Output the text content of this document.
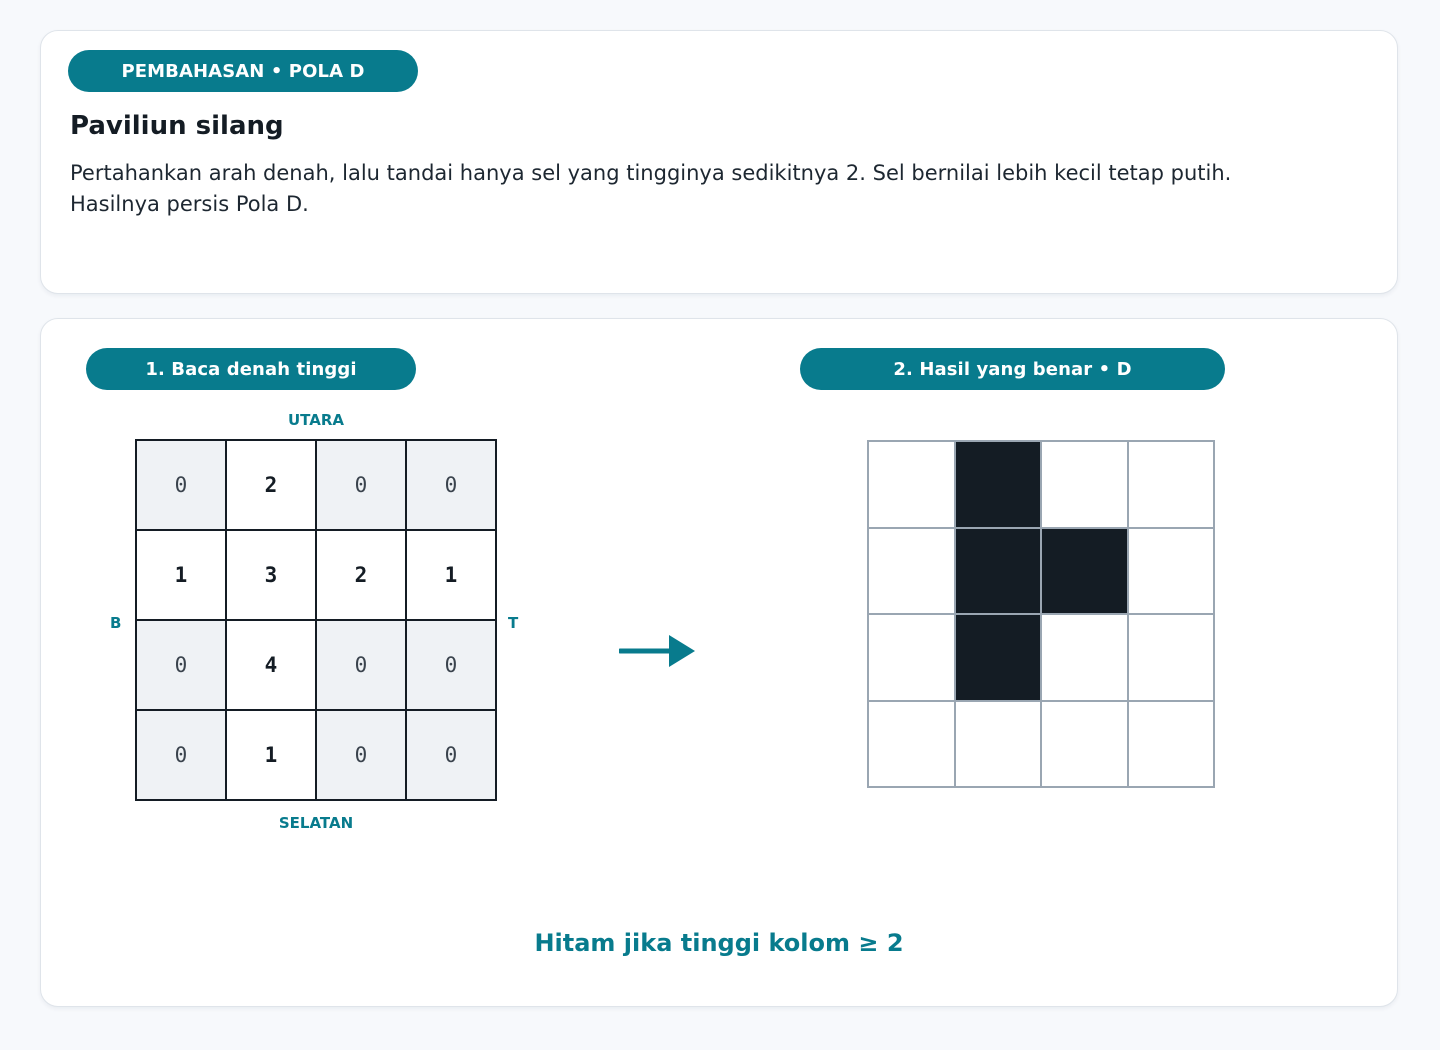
PEMBAHASAN • POLA D
Paviliun silang

Pertahankan arah denah, lalu tandai hanya sel yang tingginya sedikitnya 2. Sel bernilai lebih kecil tetap putih. Hasilnya persis Pola D.

1. Baca denah tinggi	2. Hasil yang benar • D
UTARA
SELATAN
B	T
0	2	0	0
1	3	2	1
0	4	0	0
0	1	0	0
Hitam jika tinggi kolom ≥ 2
